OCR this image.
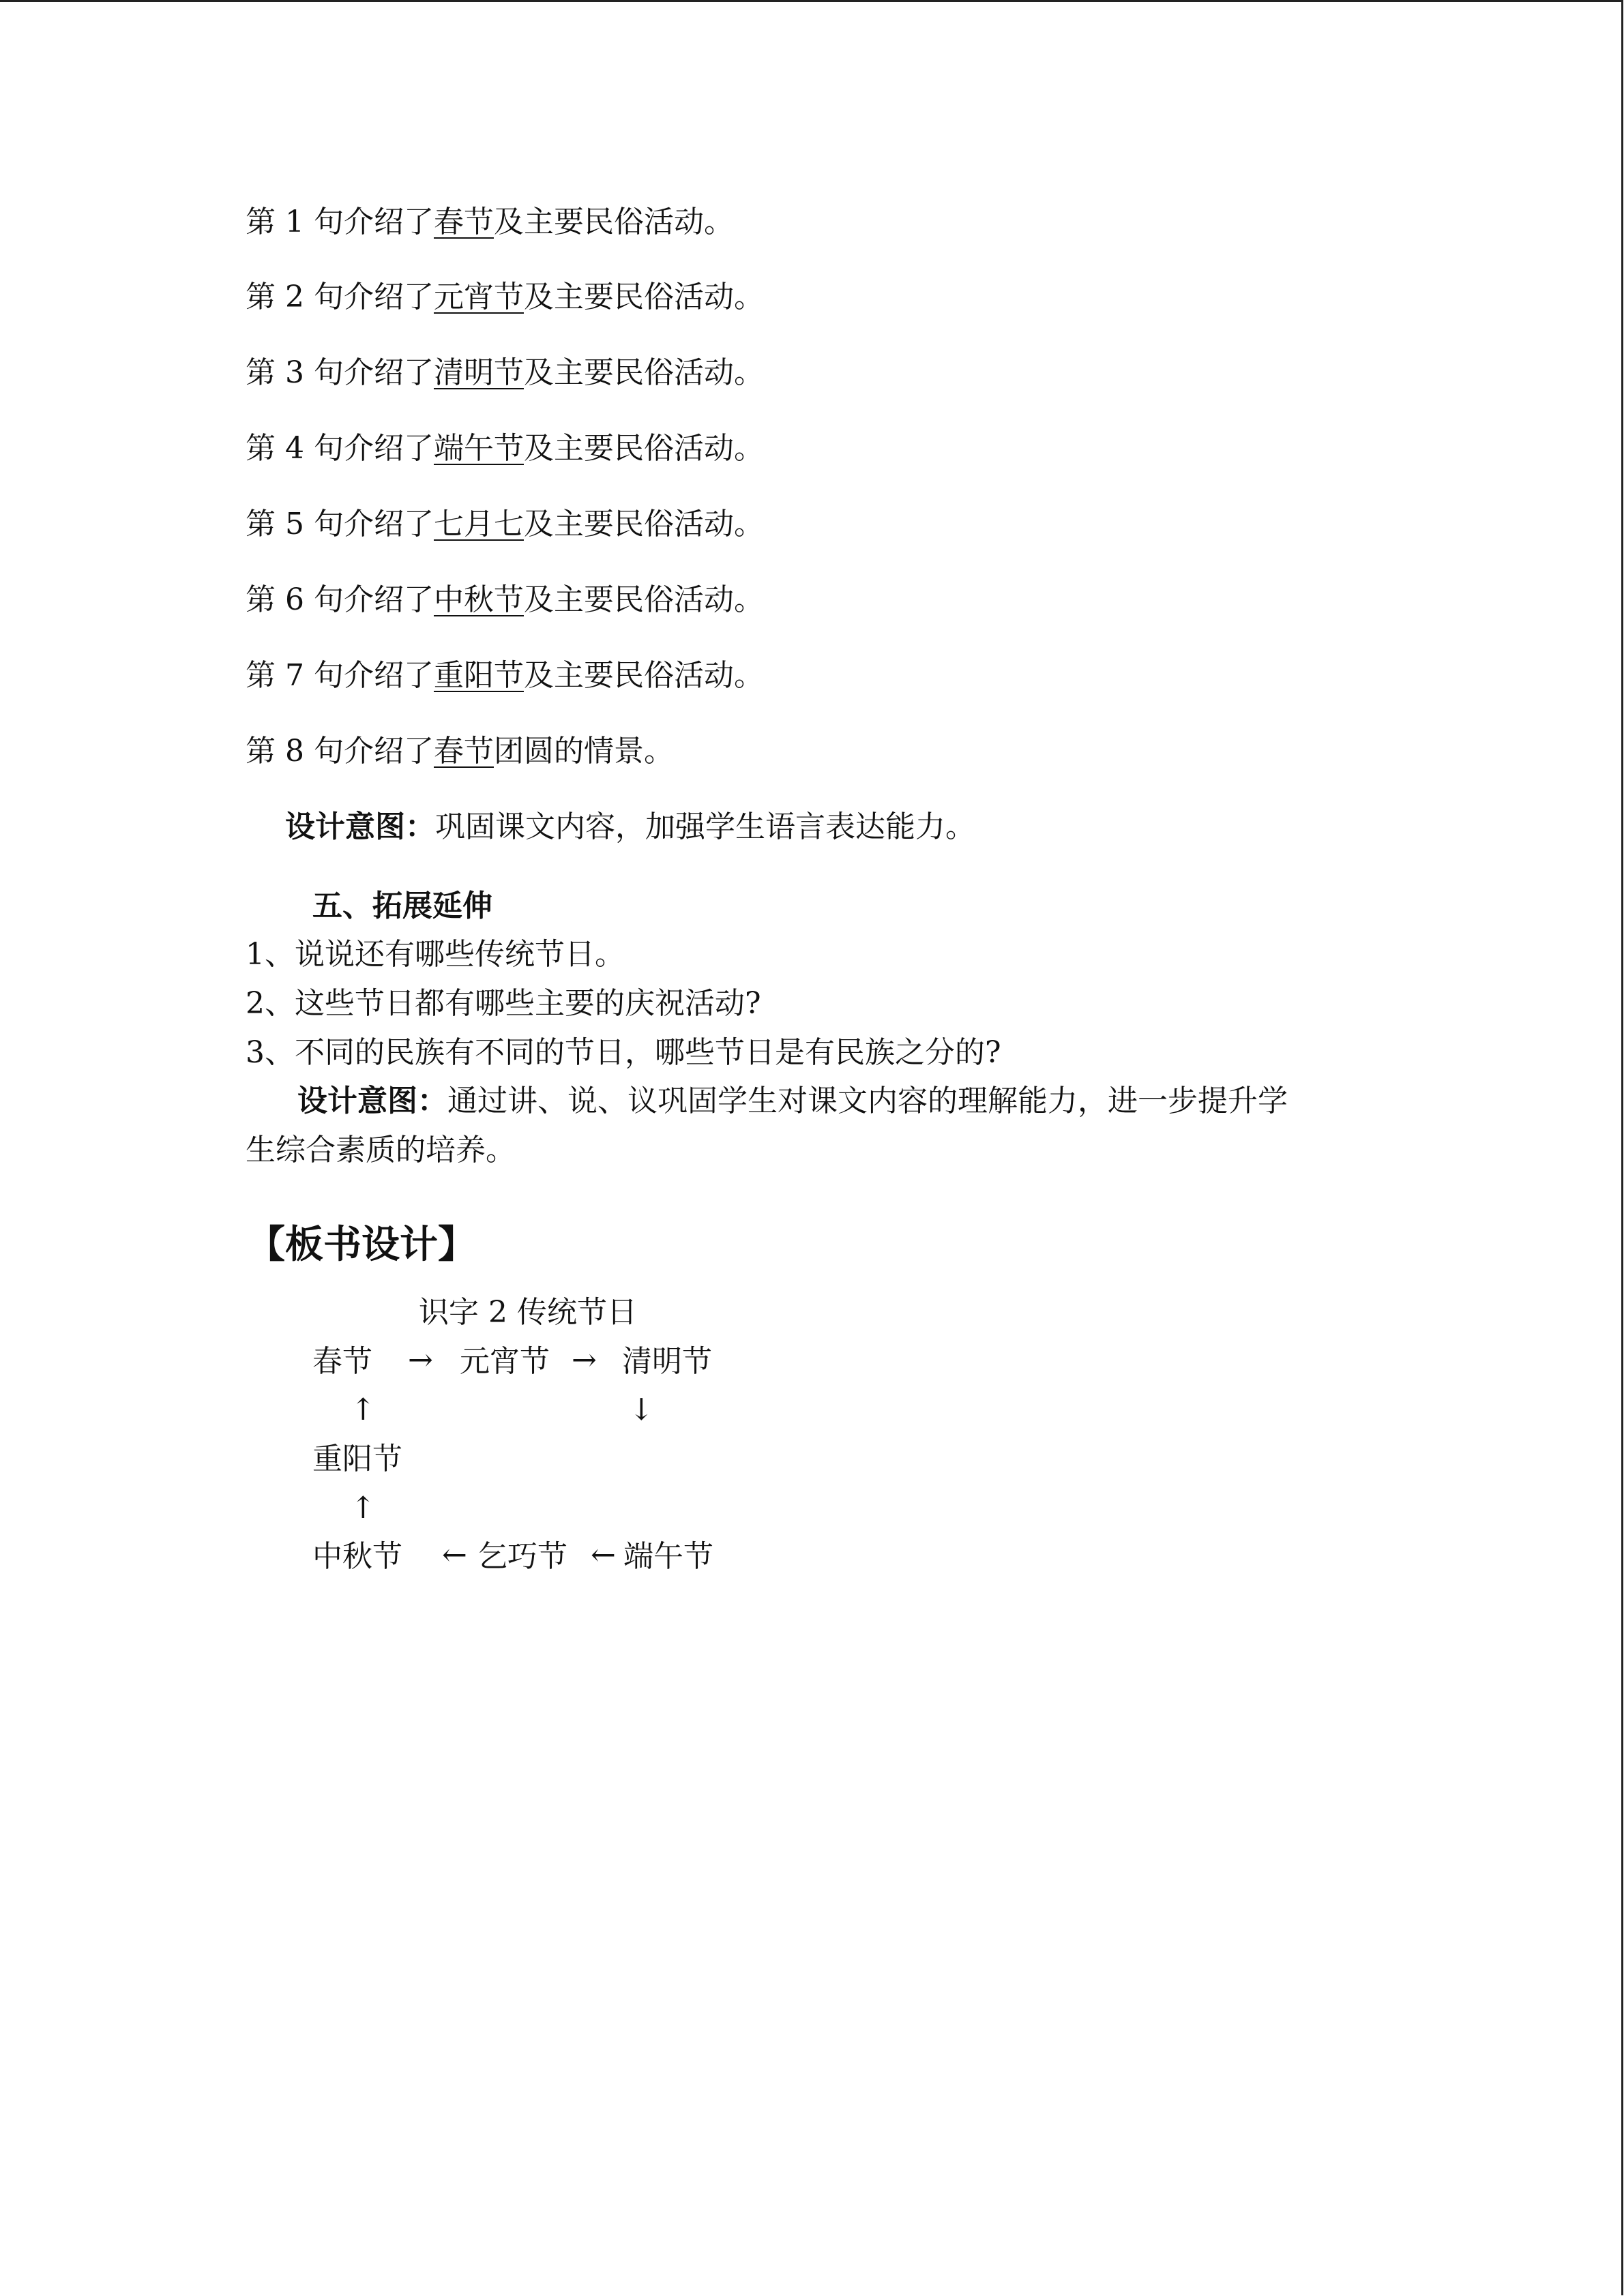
第 1 句介绍了春节及主要民俗活动。
第 2 句介绍了元宵节及主要民俗活动。
第 3 句介绍了清明节及主要民俗活动。
第 4 句介绍了端午节及主要民俗活动。
第 5 句介绍了七月七及主要民俗活动。
第 6 句介绍了中秋节及主要民俗活动。
第 7 句介绍了重阳节及主要民俗活动。
第 8 句介绍了春节团圆的情景。
设计意图：巩固课文内容，加强学生语言表达能力。
五、拓展延伸
1、说说还有哪些传统节日。
2、这些节日都有哪些主要的庆祝活动?
3、不同的民族有不同的节日，哪些节日是有民族之分的?
设计意图：通过讲、说、议巩固学生对课文内容的理解能力，进一步提升学
生综合素质的培养。
【板书设计】
识字 2 传统节日
春节 → 元宵节 → 清明节
↑	↓
重阳节
↑
中秋节 ← 乞巧节 ← 端午节
